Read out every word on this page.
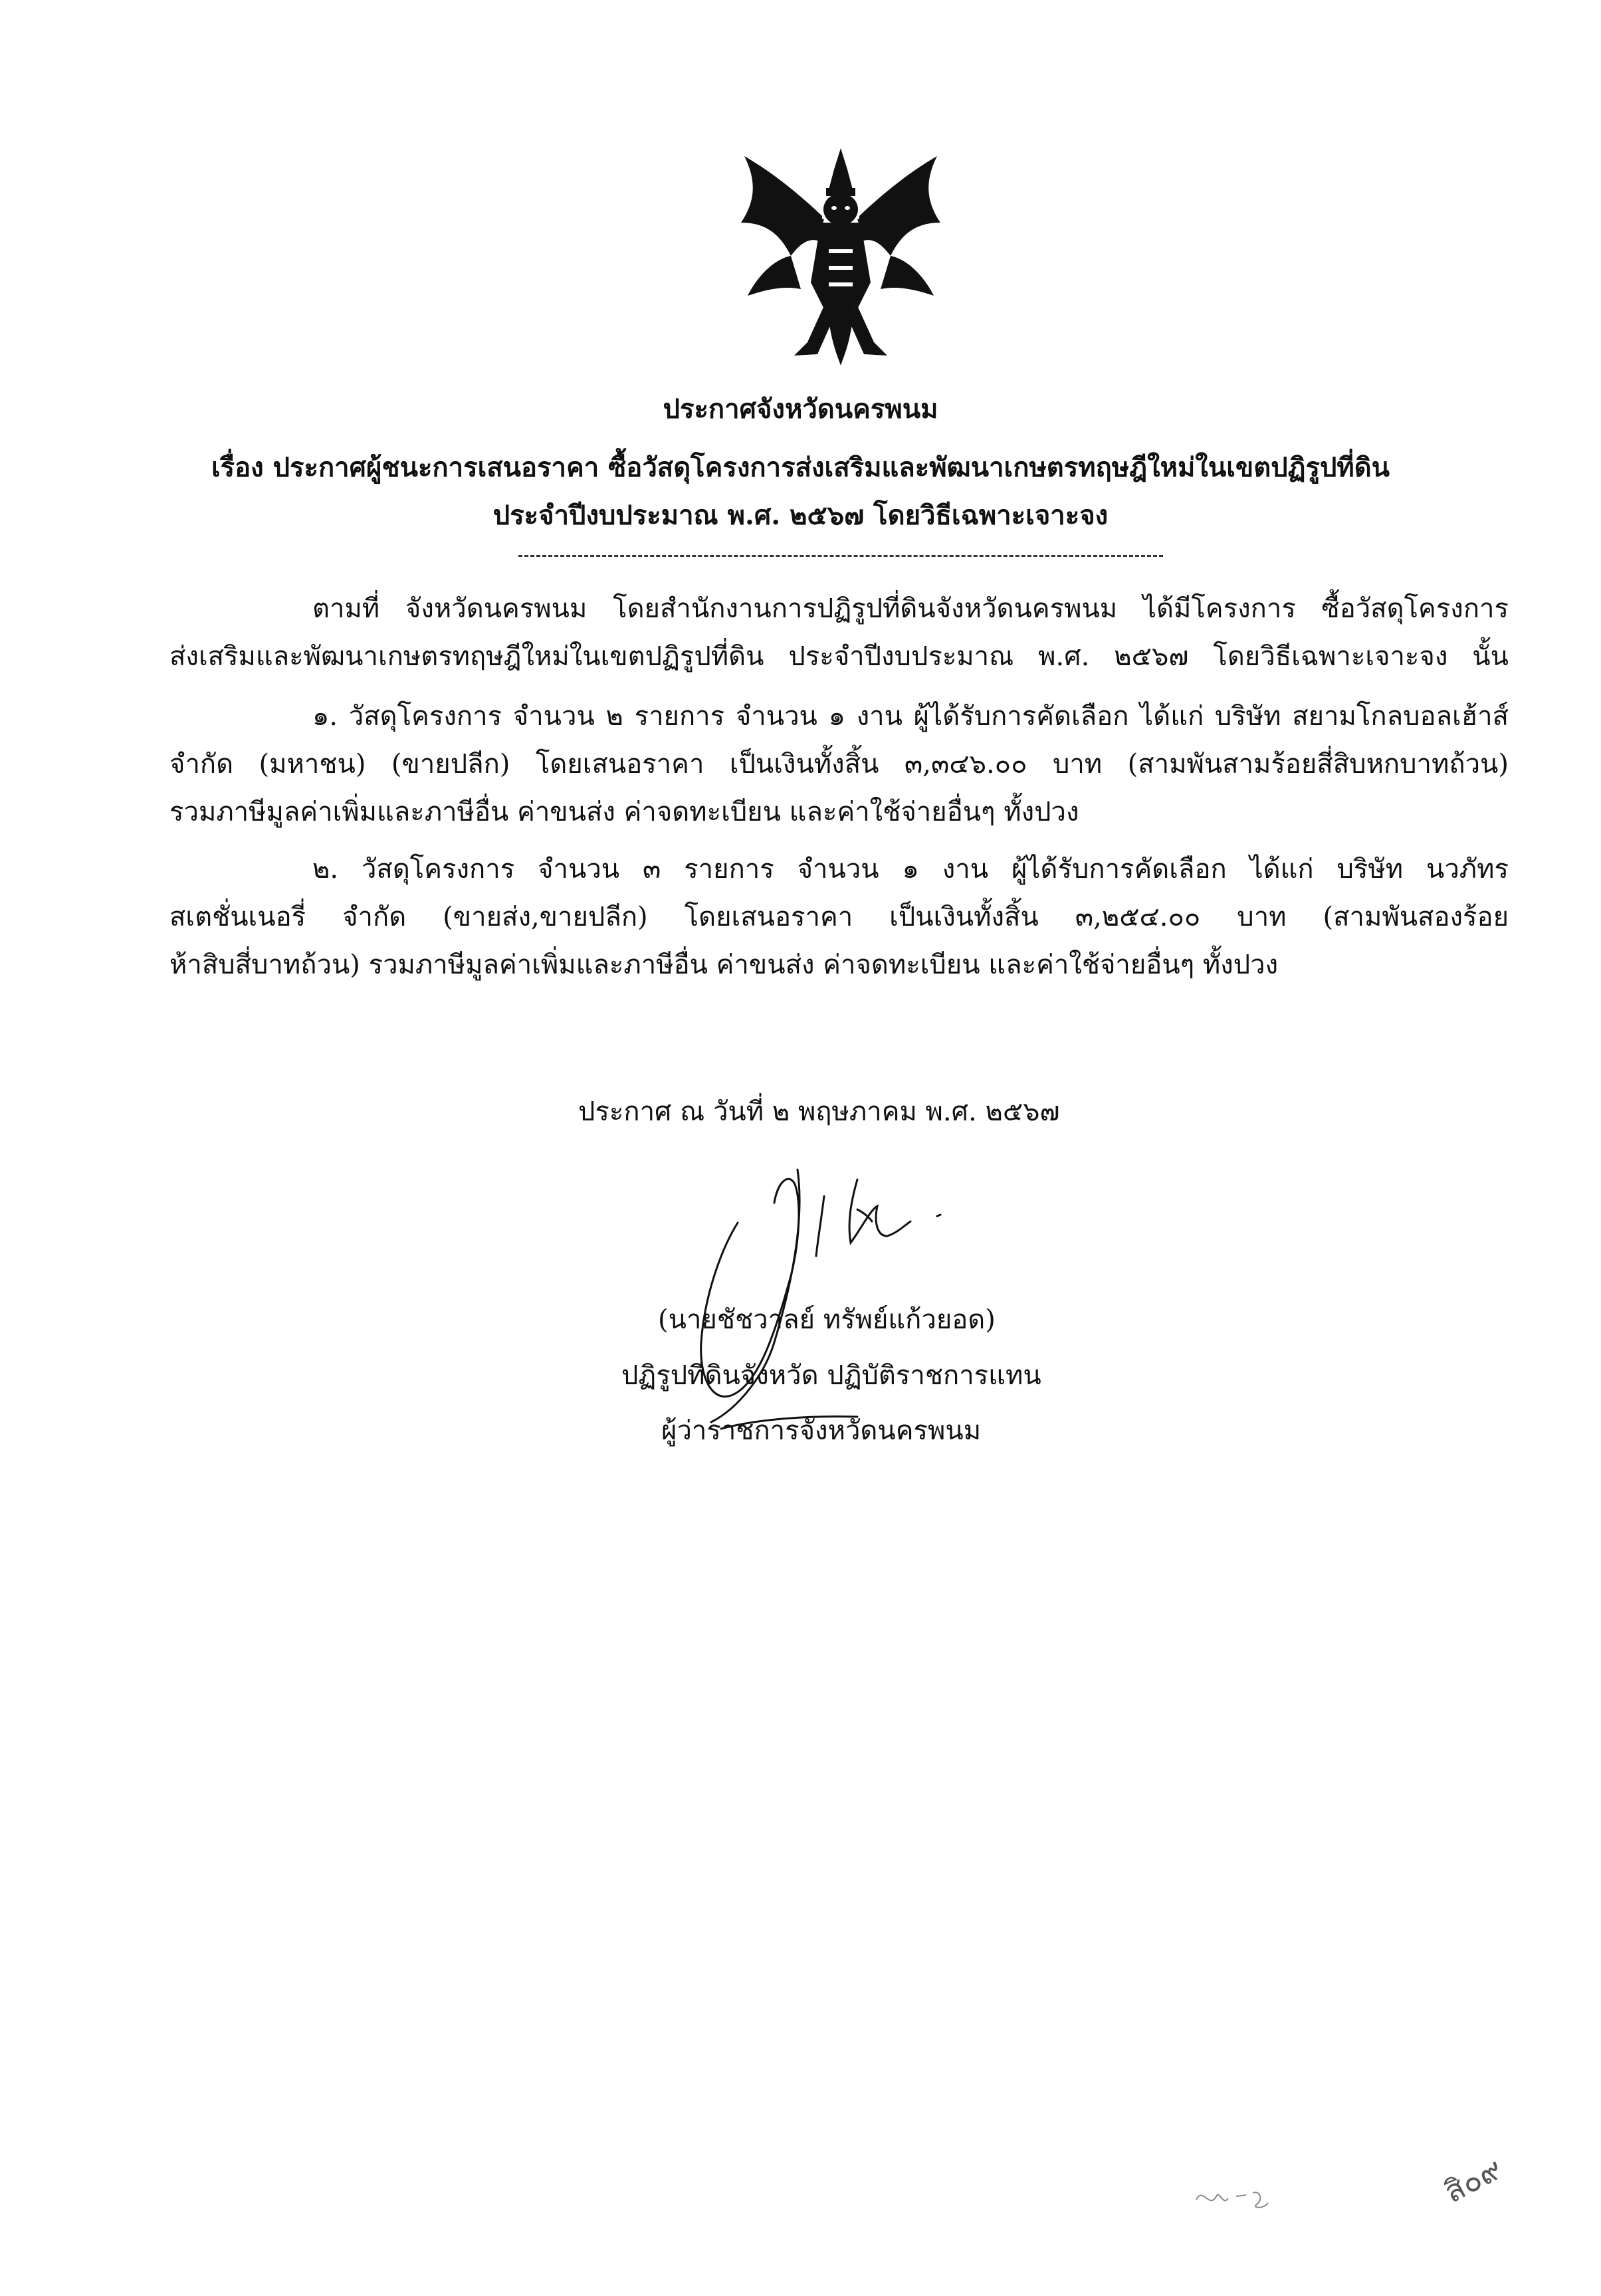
ประกาศจังหวัดนครพนม
เรื่อง ประกาศผู้ชนะการเสนอราคา ซื้อวัสดุโครงการส่งเสริมและพัฒนาเกษตรทฤษฎีใหม่ในเขตปฏิรูปที่ดิน
ประจำปีงบประมาณ พ.ศ. ๒๕๖๗ โดยวิธีเฉพาะเจาะจง
ตามที่ จังหวัดนครพนม โดยสำนักงานการปฏิรูปที่ดินจังหวัดนครพนม ได้มีโครงการ ซื้อวัสดุโครงการ
ส่งเสริมและพัฒนาเกษตรทฤษฎีใหม่ในเขตปฏิรูปที่ดิน ประจำปีงบประมาณ พ.ศ. ๒๕๖๗ โดยวิธีเฉพาะเจาะจง นั้น
๑. วัสดุโครงการ จำนวน ๒ รายการ จำนวน ๑ งาน ผู้ได้รับการคัดเลือก ได้แก่ บริษัท สยามโกลบอลเฮ้าส์
จำกัด (มหาชน) (ขายปลีก) โดยเสนอราคา เป็นเงินทั้งสิ้น ๓,๓๔๖.๐๐ บาท (สามพันสามร้อยสี่สิบหกบาทถ้วน)
รวมภาษีมูลค่าเพิ่มและภาษีอื่น ค่าขนส่ง ค่าจดทะเบียน และค่าใช้จ่ายอื่นๆ ทั้งปวง
๒. วัสดุโครงการ จำนวน ๓ รายการ จำนวน ๑ งาน ผู้ได้รับการคัดเลือก ได้แก่ บริษัท นวภัทร
สเตชั่นเนอรี่ จำกัด (ขายส่ง,ขายปลีก) โดยเสนอราคา เป็นเงินทั้งสิ้น ๓,๒๕๔.๐๐ บาท (สามพันสองร้อย
ห้าสิบสี่บาทถ้วน) รวมภาษีมูลค่าเพิ่มและภาษีอื่น ค่าขนส่ง ค่าจดทะเบียน และค่าใช้จ่ายอื่นๆ ทั้งปวง
ประกาศ ณ วันที่ ๒ พฤษภาคม พ.ศ. ๒๕๖๗
(นายชัชวาลย์ ทรัพย์แก้วยอด)
ปฏิรูปที่ดินจังหวัด ปฏิบัติราชการแทน
ผู้ว่าราชการจังหวัดนครพนม
สิ๐๙
